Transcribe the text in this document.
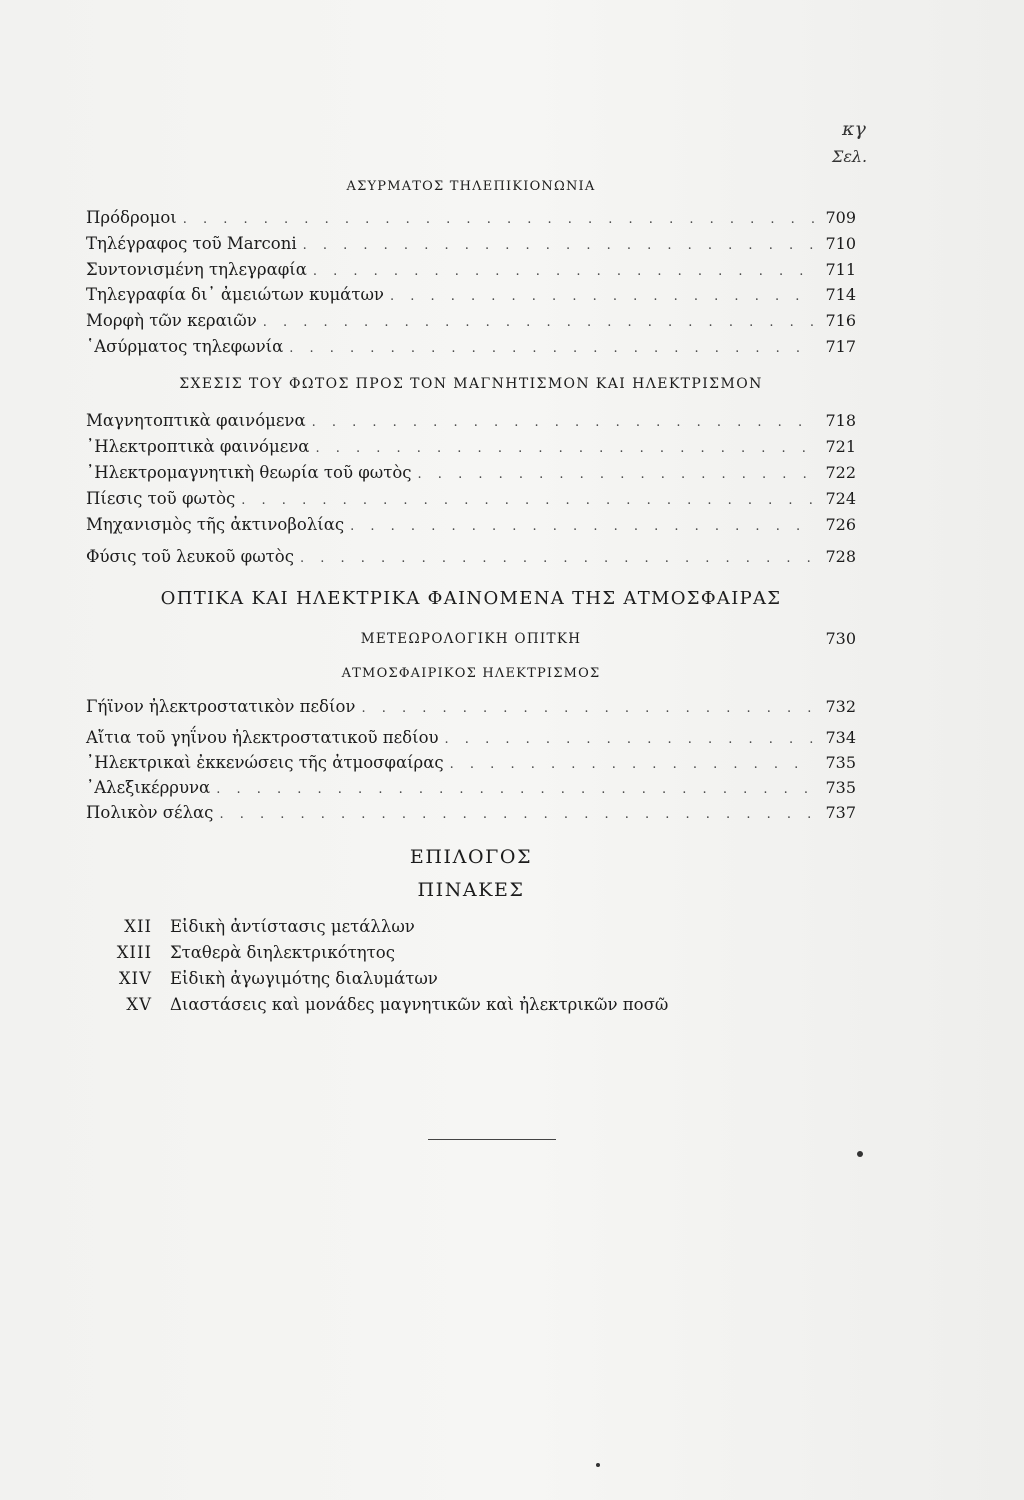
κγ
Σελ.
ΑΣΥΡΜΑΤΟΣ ΤΗΛΕΠΙΚΙΟΝΩΝΙΑ
Πρόδρομοι . . .	709
Τηλέγραφος τοῦ Marconi . . .	710
Συντονισμένη τηλεγραφία . . .	711
Τηλεγραφία δι᾿ ἀμειώτων κυμάτων . . .	714
Μορφὴ τῶν κεραιῶν . . .	716
῾Ασύρματος τηλεφωνία . . .	717
ΣΧΕΣΙΣ ΤΟΥ ΦΩΤΟΣ ΠΡΟΣ ΤΟΝ ΜΑΓΝΗΤΙΣΜΟΝ ΚΑΙ ΗΛΕΚΤΡΙΣΜΟΝ
Μαγνητοπτικὰ φαινόμενα . . .	718
᾿Ηλεκτροπτικὰ φαινόμενα . . .	721
᾿Ηλεκτρομαγνητικὴ θεωρία τοῦ φωτὸς . . .	722
Πίεσις τοῦ φωτὸς . . .	724
Μηχανισμὸς τῆς ἀκτινοβολίας . . .	726
Φύσις τοῦ λευκοῦ φωτὸς . . .	728
ΟΠΤΙΚΑ ΚΑΙ ΗΛΕΚΤΡΙΚΑ ΦΑΙΝΟΜΕΝΑ ΤΗΣ ΑΤΜΟΣΦΑΙΡΑΣ
ΜΕΤΕΩΡΟΛΟΓΙΚΗ ΟΠΙΤΚΗ	730
ΑΤΜΟΣΦΑΙΡΙΚΟΣ ΗΛΕΚΤΡΙΣΜΟΣ
Γήϊνον ἠλεκτροστατικὸν πεδίον . . .	732
Αἴτια τοῦ γηΐνου ἠλεκτροστατικοῦ πεδίου . . .	734
᾿Ηλεκτρικαὶ ἐκκενώσεις τῆς ἀτμοσφαίρας . . .	735
᾿Αλεξικέρρυνα . . .	735
Πολικὸν σέλας . . .	737
ΕΠΙΛΟΓΟΣ
ΠΙΝΑΚΕΣ
XII	Εἰδικὴ ἀντίστασις μετάλλων
XIII	Σταθερὰ διηλεκτρικότητος
XIV	Εἰδικὴ ἀγωγιμότης διαλυμάτων
XV	Διαστάσεις καὶ μονάδες μαγνητικῶν καὶ ἠλεκτρικῶν ποσῶ
